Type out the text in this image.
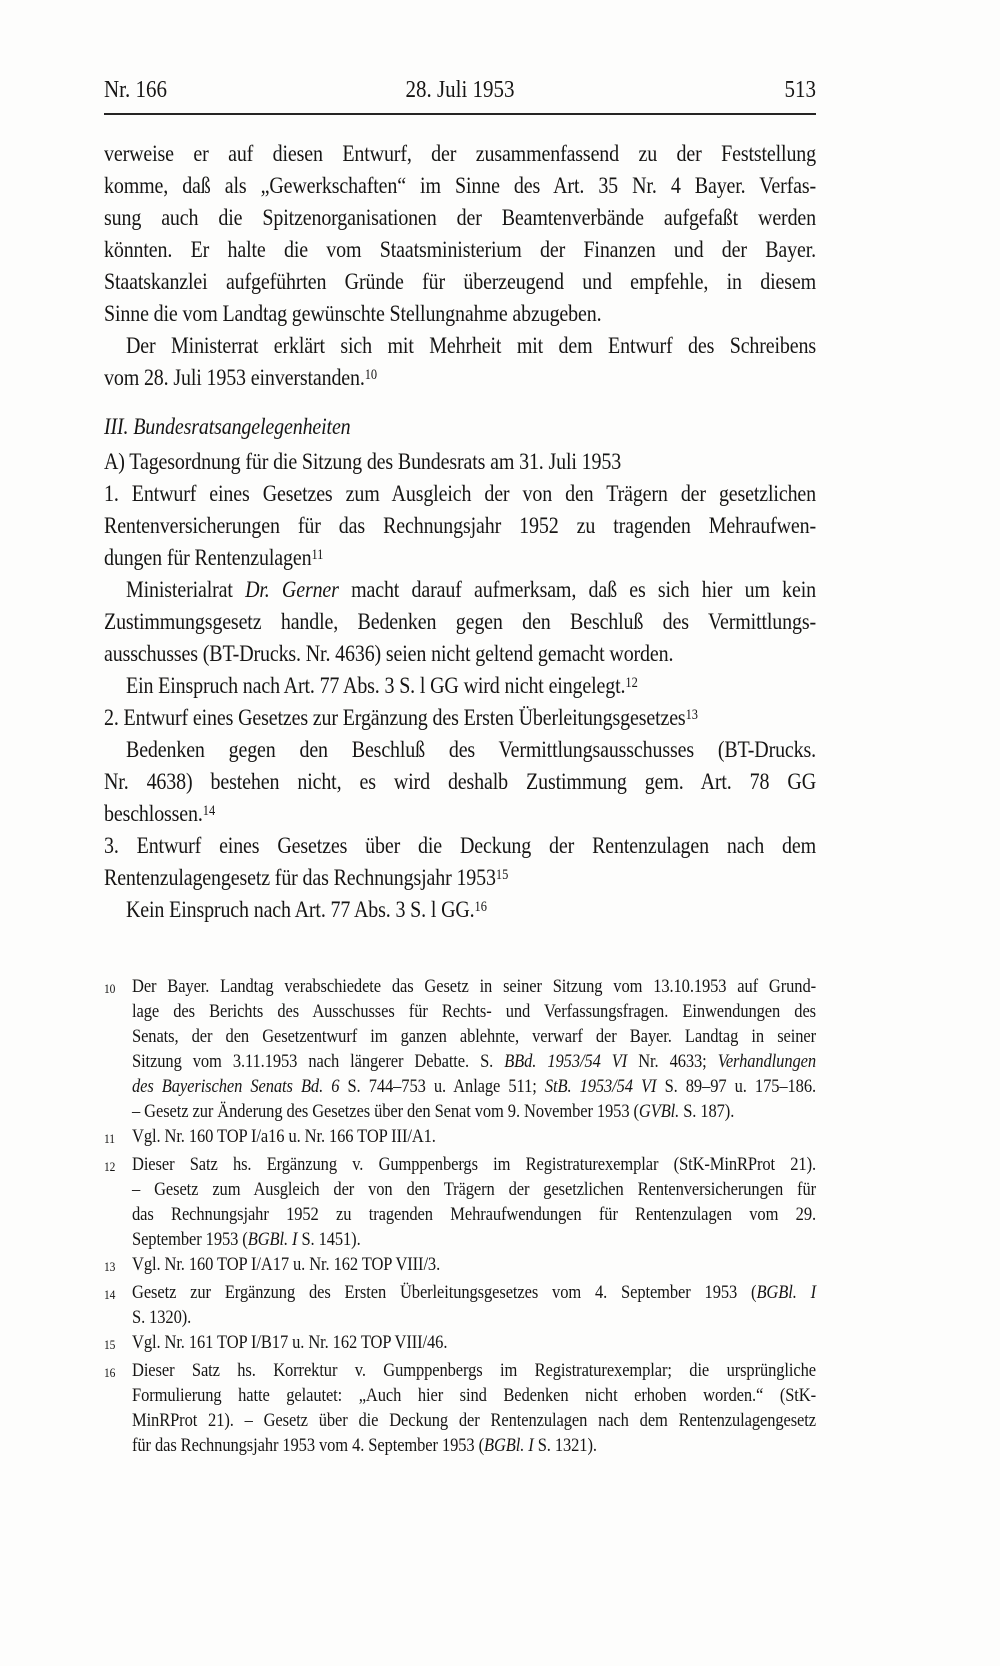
Nr. 166	28. Juli 1953	513
verweise er auf diesen Entwurf, der zusammenfassend zu der Feststellung
komme, daß als „Gewerkschaften“ im Sinne des Art. 35 Nr. 4 Bayer. Verfas-
sung auch die Spitzenorganisationen der Beamtenverbände aufgefaßt werden
könnten. Er halte die vom Staatsministerium der Finanzen und der Bayer.
Staatskanzlei aufgeführten Gründe für überzeugend und empfehle, in diesem
Sinne die vom Landtag gewünschte Stellungnahme abzugeben.
Der Ministerrat erklärt sich mit Mehrheit mit dem Entwurf des Schreibens
vom 28. Juli 1953 einverstanden.$^{10}$
III. Bundesratsangelegenheiten
A) Tagesordnung für die Sitzung des Bundesrats am 31. Juli 1953
1. Entwurf eines Gesetzes zum Ausgleich der von den Trägern der gesetzlichen
Rentenversicherungen für das Rechnungsjahr 1952 zu tragenden Mehraufwen-
dungen für Rentenzulagen$^{11}$
Ministerialrat Dr. Gerner macht darauf aufmerksam, daß es sich hier um kein
Zustimmungsgesetz handle, Bedenken gegen den Beschluß des Vermittlungs-
ausschusses (BT-Drucks. Nr. 4636) seien nicht geltend gemacht worden.
Ein Einspruch nach Art. 77 Abs. 3 S. l GG wird nicht eingelegt.$^{12}$
2. Entwurf eines Gesetzes zur Ergänzung des Ersten Überleitungsgesetzes$^{13}$
Bedenken gegen den Beschluß des Vermittlungsausschusses (BT-Drucks.
Nr. 4638) bestehen nicht, es wird deshalb Zustimmung gem. Art. 78 GG
beschlossen.$^{14}$
3. Entwurf eines Gesetzes über die Deckung der Rentenzulagen nach dem
Rentenzulagengesetz für das Rechnungsjahr 1953$^{15}$
Kein Einspruch nach Art. 77 Abs. 3 S. l GG.$^{16}$
10	Der Bayer. Landtag verabschiedete das Gesetz in seiner Sitzung vom 13.10.1953 auf Grund-
lage des Berichts des Ausschusses für Rechts- und Verfassungsfragen. Einwendungen des
Senats, der den Gesetzentwurf im ganzen ablehnte, verwarf der Bayer. Landtag in seiner
Sitzung vom 3.11.1953 nach längerer Debatte. S. BBd. 1953/54 VI Nr. 4633; Verhandlungen
des Bayerischen Senats Bd. 6 S. 744–753 u. Anlage 511; StB. 1953/54 VI S. 89–97 u. 175–186.
– Gesetz zur Änderung des Gesetzes über den Senat vom 9. November 1953 (GVBl. S. 187).
11	Vgl. Nr. 160 TOP I/a16 u. Nr. 166 TOP III/A1.
12	Dieser Satz hs. Ergänzung v. Gumppenbergs im Registraturexemplar (StK-MinRProt 21).
– Gesetz zum Ausgleich der von den Trägern der gesetzlichen Rentenversicherungen für
das Rechnungsjahr 1952 zu tragenden Mehraufwendungen für Rentenzulagen vom 29.
September 1953 (BGBl. I S. 1451).
13	Vgl. Nr. 160 TOP I/A17 u. Nr. 162 TOP VIII/3.
14	Gesetz zur Ergänzung des Ersten Überleitungsgesetzes vom 4. September 1953 (BGBl. I
S. 1320).
15	Vgl. Nr. 161 TOP I/B17 u. Nr. 162 TOP VIII/46.
16	Dieser Satz hs. Korrektur v. Gumppenbergs im Registraturexemplar; die ursprüngliche
Formulierung hatte gelautet: „Auch hier sind Bedenken nicht erhoben worden.“ (StK-
MinRProt 21). – Gesetz über die Deckung der Rentenzulagen nach dem Rentenzulagengesetz
für das Rechnungsjahr 1953 vom 4. September 1953 (BGBl. I S. 1321).
